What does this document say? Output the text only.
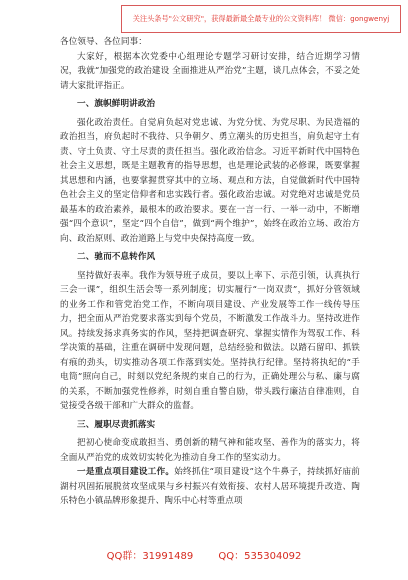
关注头条号"公文研究"，获得最新最全最专业的公文资料库！ 微信：gongwenyj

各位领导、各位同事：

大家好，根据本次党委中心组理论专题学习研讨安排，结合近期学习情况，我就“加强党的政治建设 全面推进从严治党”主题，谈几点体会，不妥之处请大家批评指正。

一、旗帜鲜明讲政治

强化政治责任。自觉肩负起对党忠诚、为党分忧、为党尽职、为民造福的政治担当，府负起时不我待、只争朝夕、勇立潮头的历史担当，肩负起守土有责、守土负责、守土尽责的责任担当。强化政治信念。习近平新时代中国特色社会主义思想，既是主题教育的指导思想，也是理论武装的必修课，既要掌握其思想和内涵，也要掌握贯穿其中的立场、观点和方法，自觉做新时代中国特色社会主义的坚定信仰者和忠实践行者。强化政治忠诚。对党绝对忠诚是党员最基本的政治素养，最根本的政治要求。要在一言一行、一举一动中，不断增强“四个意识”，坚定“四个自信”，做到“两个维护”，始终在政治立场、政治方向、政治原则、政治道路上与党中央保持高度一致。

二、驰而不息转作风

坚持做好表率。我作为领导班子成员，要以上率下、示范引领，认真执行三会一课”，组织生活会等一系列制度；切实履行“一岗双责”，抓好分管领域的业务工作和管党治党工作，不断向项目建设、产业发展等工作一线传导压力，把全面从严治党要求落实到每个党员，不断激发工作战斗力。坚持改进作风。持续发扬求真务实的作风，坚持把调查研究、掌握实情作为驾驭工作、科学决策的基础，注重在调研中发现问题，总结经验和做法。以踏石留印、抓铁有痕的劲头，切实推动各项工作落到实处。坚持执行纪律。坚持将执纪的“手电筒”照向自己，时刻以党纪条规约束自己的行为，正确处理公与私、廉与腐的关系，不断加强党性修养，时刻自重自警自励，带头践行廉洁自律准则，自觉接受各级干部和广大群众的监督。

三、履职尽责抓落实

把初心使命变成敢担当、勇创新的精气神和能攻坚、善作为的落实力，将全面从严治党的成效切实转化为推动自身工作的坚实动力。

一是重点项目建设工作。始终抓住“项目建设”这个牛鼻子，持续抓好庙前湖村巩固拓展脱贫攻坚成果与乡村振兴有效衔接、农村人居环境提升改造、陶乐特色小镇品牌形象提升、陶乐中心村等重点项

QQ群：31991489	QQ：535304092
